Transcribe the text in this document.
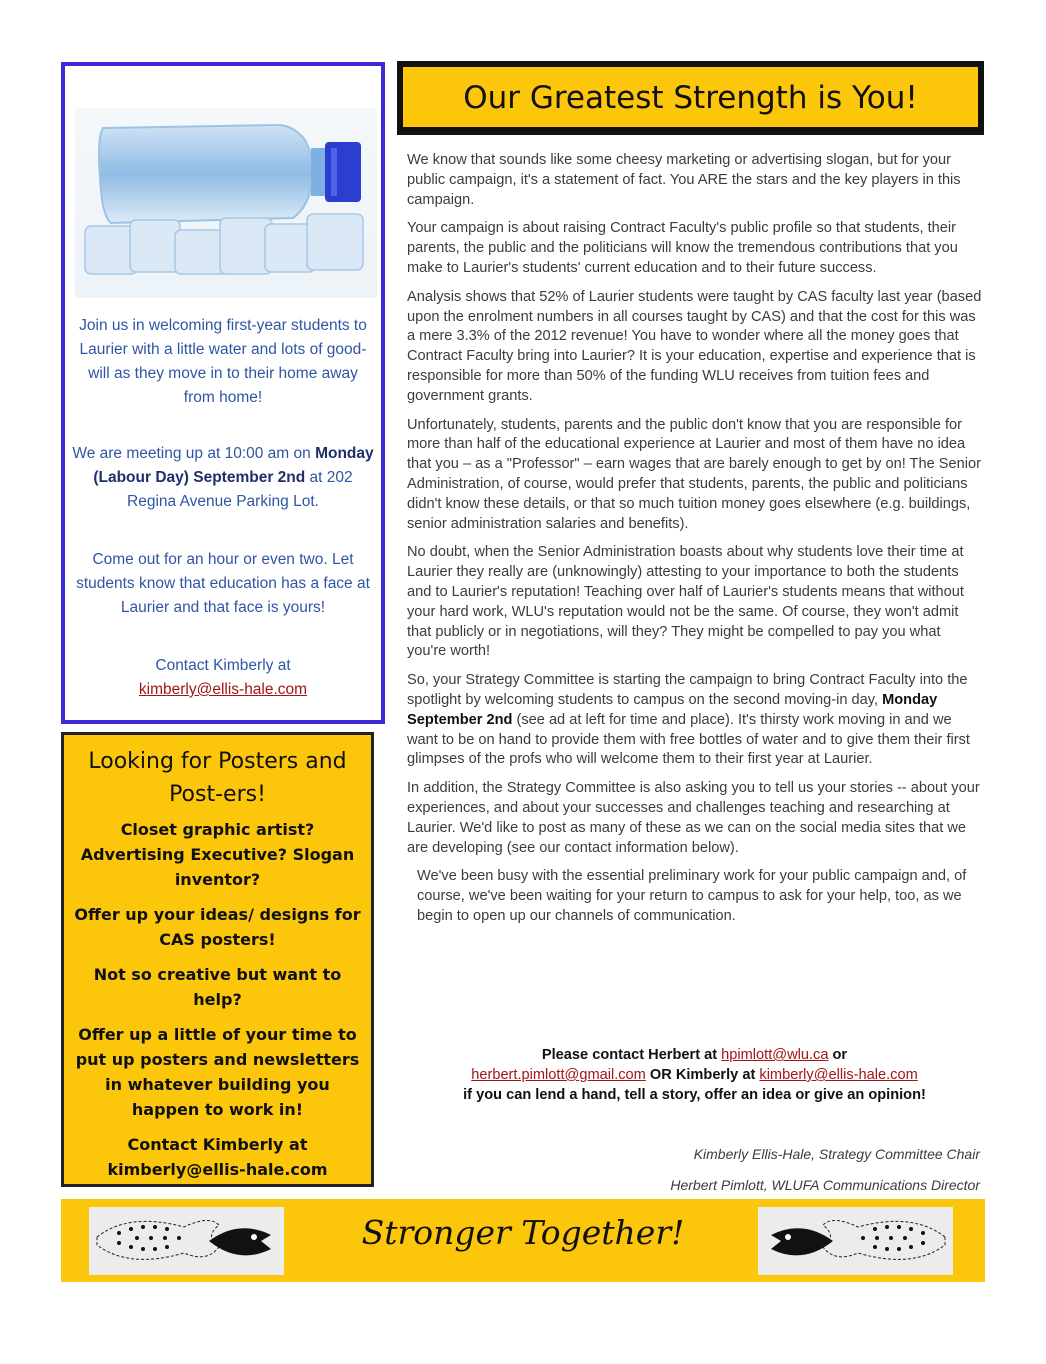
Join us in welcoming first-year students to Laurier with a little water and lots of good-will as they move in to their home away from home!
We are meeting up at 10:00 am on Monday (Labour Day) September 2nd at 202 Regina Avenue Parking Lot.
Come out for an hour or even two. Let students know that education has a face at Laurier and that face is yours!
Contact Kimberly at
kimberly@ellis-hale.com
Looking for Posters and Post-ers!

Closet graphic artist? Advertising Executive? Slogan inventor?

Offer up your ideas/ designs for CAS posters!

Not so creative but want to help?

Offer up a little of your time to put up posters and newsletters in whatever building you happen to work in!

Contact Kimberly at kimberly@ellis-hale.com

Our Greatest Strength is You!

We know that sounds like some cheesy marketing or advertising slogan, but for your public campaign, it's a statement of fact. You ARE the stars and the key players in this campaign.

Your campaign is about raising Contract Faculty's public profile so that students, their parents, the public and the politicians will know the tremendous contributions that you make to Laurier's students' current education and to their future success.

Analysis shows that 52% of Laurier students were taught by CAS faculty last year (based upon the enrolment numbers in all courses taught by CAS) and that the cost for this was a mere 3.3% of the 2012 revenue! You have to wonder where all the money goes that Contract Faculty bring into Laurier? It is your education, expertise and experience that is responsible for more than 50% of the funding WLU receives from tuition fees and government grants.

Unfortunately, students, parents and the public don't know that you are responsible for more than half of the educational experience at Laurier and most of them have no idea that you – as a "Professor" – earn wages that are barely enough to get by on! The Senior Administration, of course, would prefer that students, parents, the public and politicians didn't know these details, or that so much tuition money goes elsewhere (e.g. buildings, senior administration salaries and benefits).

No doubt, when the Senior Administration boasts about why students love their time at Laurier they really are (unknowingly) attesting to your importance to both the students and to Laurier's reputation! Teaching over half of Laurier's students means that without your hard work, WLU's reputation would not be the same. Of course, they won't admit that publicly or in negotiations, will they? They might be compelled to pay you what you're worth!

So, your Strategy Committee is starting the campaign to bring Contract Faculty into the spotlight by welcoming students to campus on the second moving-in day, Monday September 2nd (see ad at left for time and place). It's thirsty work moving in and we want to be on hand to provide them with free bottles of water and to give them their first glimpses of the profs who will welcome them to their first year at Laurier.

In addition, the Strategy Committee is also asking you to tell us your stories -- about your experiences, and about your successes and challenges teaching and researching at Laurier. We'd like to post as many of these as we can on the social media sites that we are developing (see our contact information below).

We've been busy with the essential preliminary work for your public campaign and, of course, we've been waiting for your return to campus to ask for your help, too, as we begin to open up our channels of communication.

Please contact Herbert at hpimlott@wlu.ca or
herbert.pimlott@gmail.com OR Kimberly at kimberly@ellis-hale.com
if you can lend a hand, tell a story, offer an idea or give an opinion!
Kimberly Ellis-Hale, Strategy Committee Chair
Herbert Pimlott, WLUFA Communications Director
Stronger Together!
